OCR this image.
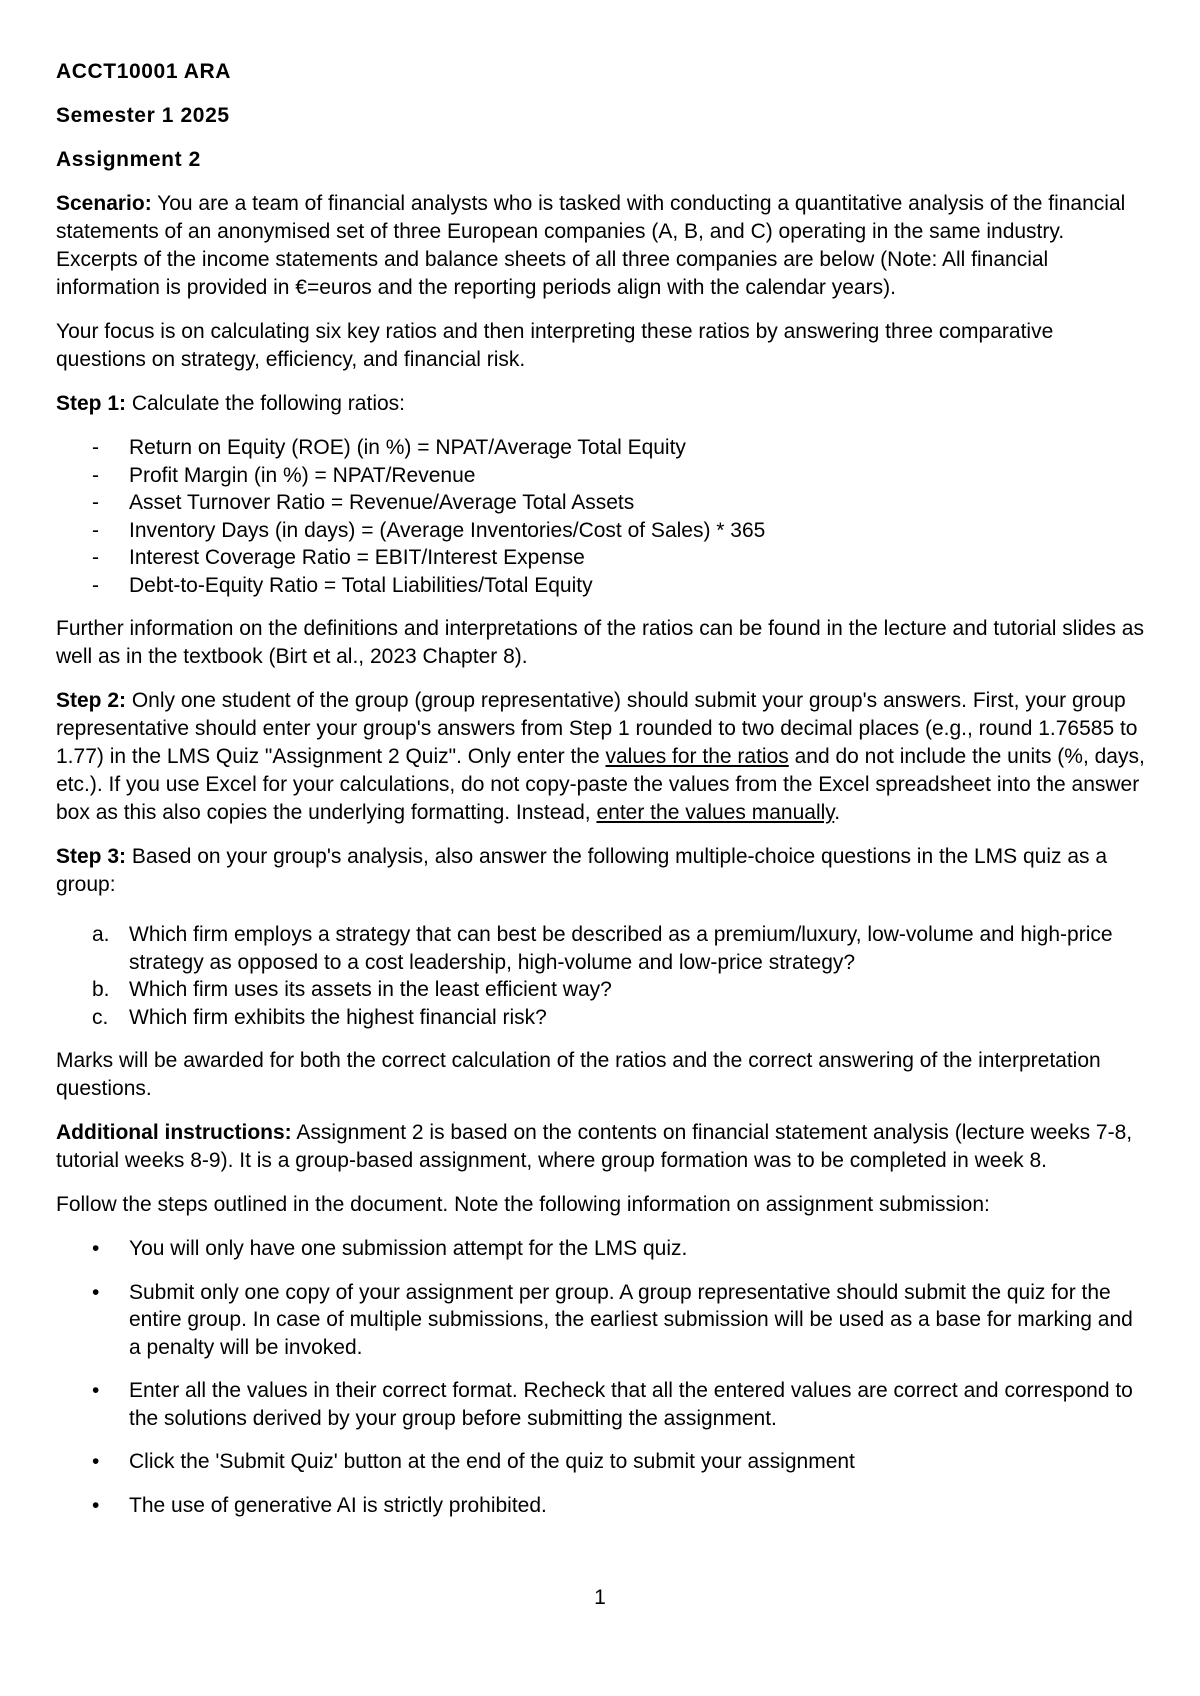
ACCT10001 ARA

Semester 1 2025

Assignment 2

Scenario: You are a team of financial analysts who is tasked with conducting a quantitative analysis of the financial statements of an anonymised set of three European companies (A, B, and C) operating in the same industry. Excerpts of the income statements and balance sheets of all three companies are below (Note: All financial information is provided in €=euros and the reporting periods align with the calendar years).

Your focus is on calculating six key ratios and then interpreting these ratios by answering three comparative questions on strategy, efficiency, and financial risk.

Step 1: Calculate the following ratios:

- Return on Equity (ROE) (in %) = NPAT/Average Total Equity
- Profit Margin (in %) = NPAT/Revenue
- Asset Turnover Ratio = Revenue/Average Total Assets
- Inventory Days (in days) = (Average Inventories/Cost of Sales) * 365
- Interest Coverage Ratio = EBIT/Interest Expense
- Debt-to-Equity Ratio = Total Liabilities/Total Equity

Further information on the definitions and interpretations of the ratios can be found in the lecture and tutorial slides as well as in the textbook (Birt et al., 2023 Chapter 8).

Step 2: Only one student of the group (group representative) should submit your group's answers. First, your group representative should enter your group's answers from Step 1 rounded to two decimal places (e.g., round 1.76585 to 1.77) in the LMS Quiz "Assignment 2 Quiz". Only enter the values for the ratios and do not include the units (%, days, etc.). If you use Excel for your calculations, do not copy-paste the values from the Excel spreadsheet into the answer box as this also copies the underlying formatting. Instead, enter the values manually.

Step 3: Based on your group's analysis, also answer the following multiple-choice questions in the LMS quiz as a group:

a. Which firm employs a strategy that can best be described as a premium/luxury, low-volume and high-price strategy as opposed to a cost leadership, high-volume and low-price strategy?
b. Which firm uses its assets in the least efficient way?
c. Which firm exhibits the highest financial risk?

Marks will be awarded for both the correct calculation of the ratios and the correct answering of the interpretation questions.

Additional instructions: Assignment 2 is based on the contents on financial statement analysis (lecture weeks 7-8, tutorial weeks 8-9). It is a group-based assignment, where group formation was to be completed in week 8.

Follow the steps outlined in the document. Note the following information on assignment submission:

• You will only have one submission attempt for the LMS quiz.
• Submit only one copy of your assignment per group. A group representative should submit the quiz for the entire group. In case of multiple submissions, the earliest submission will be used as a base for marking and a penalty will be invoked.
• Enter all the values in their correct format. Recheck that all the entered values are correct and correspond to the solutions derived by your group before submitting the assignment.
• Click the 'Submit Quiz' button at the end of the quiz to submit your assignment
• The use of generative AI is strictly prohibited.
1
